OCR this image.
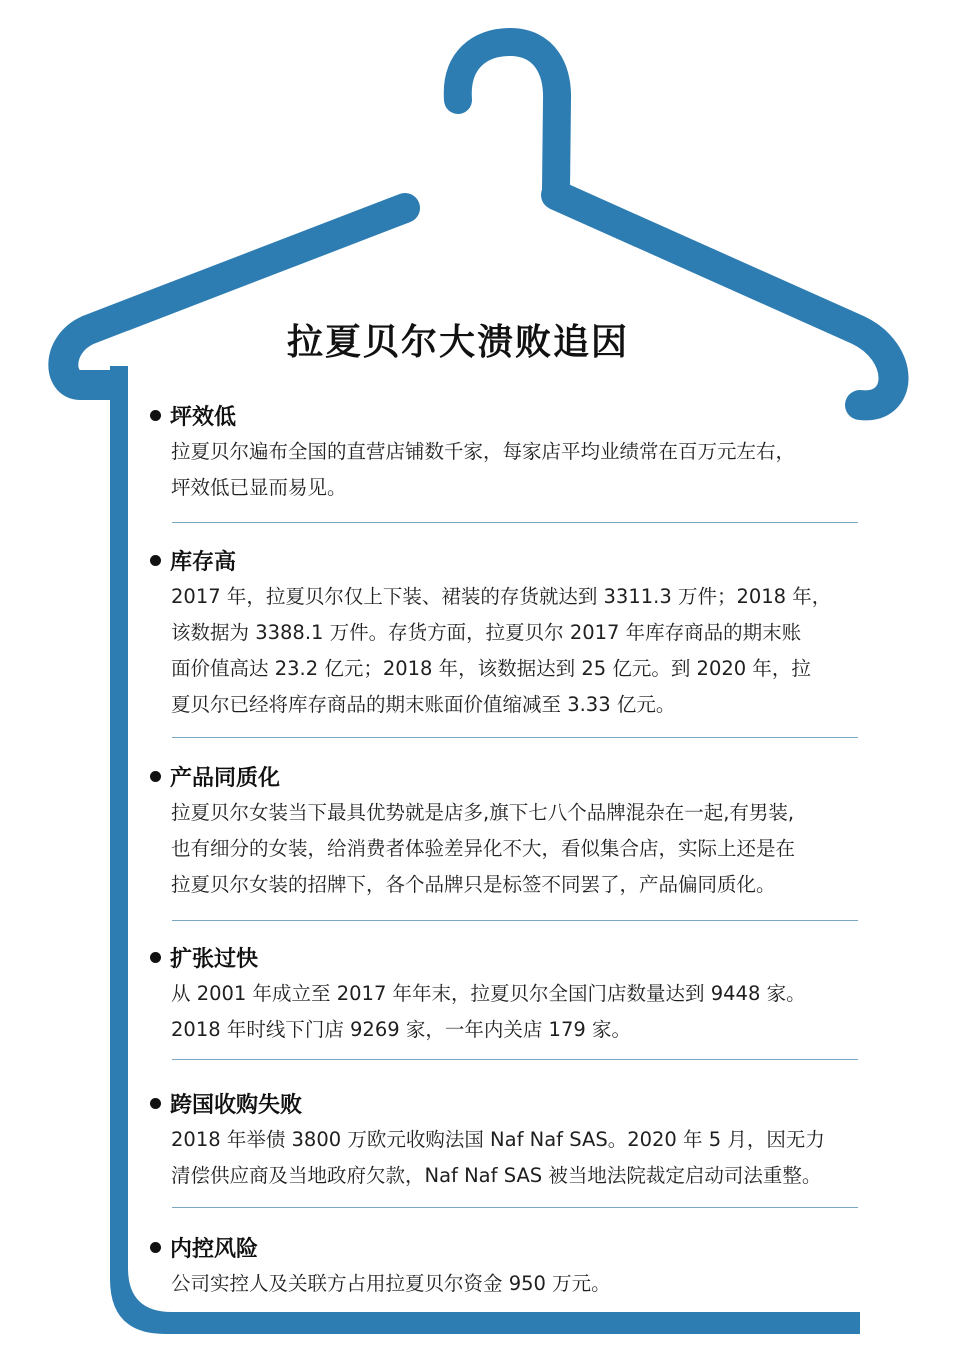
拉夏贝尔大溃败追因
坪效低
拉夏贝尔遍布全国的直营店铺数千家，每家店平均业绩常在百万元左右，
坪效低已显而易见。
库存高
2017 年，拉夏贝尔仅上下装、裙装的存货就达到 3311.3 万件；2018 年，
该数据为 3388.1 万件。存货方面，拉夏贝尔 2017 年库存商品的期末账
面价值高达 23.2 亿元；2018 年，该数据达到 25 亿元。到 2020 年，拉
夏贝尔已经将库存商品的期末账面价值缩减至 3.33 亿元。
产品同质化
拉夏贝尔女装当下最具优势就是店多,旗下七八个品牌混杂在一起,有男装,
也有细分的女装，给消费者体验差异化不大，看似集合店，实际上还是在
拉夏贝尔女装的招牌下，各个品牌只是标签不同罢了，产品偏同质化。
扩张过快
从 2001 年成立至 2017 年年末，拉夏贝尔全国门店数量达到 9448 家。
2018 年时线下门店 9269 家，一年内关店 179 家。
跨国收购失败
2018 年举债 3800 万欧元收购法国 Naf Naf SAS。2020 年 5 月，因无力
清偿供应商及当地政府欠款，Naf Naf SAS 被当地法院裁定启动司法重整。
内控风险
公司实控人及关联方占用拉夏贝尔资金 950 万元。
